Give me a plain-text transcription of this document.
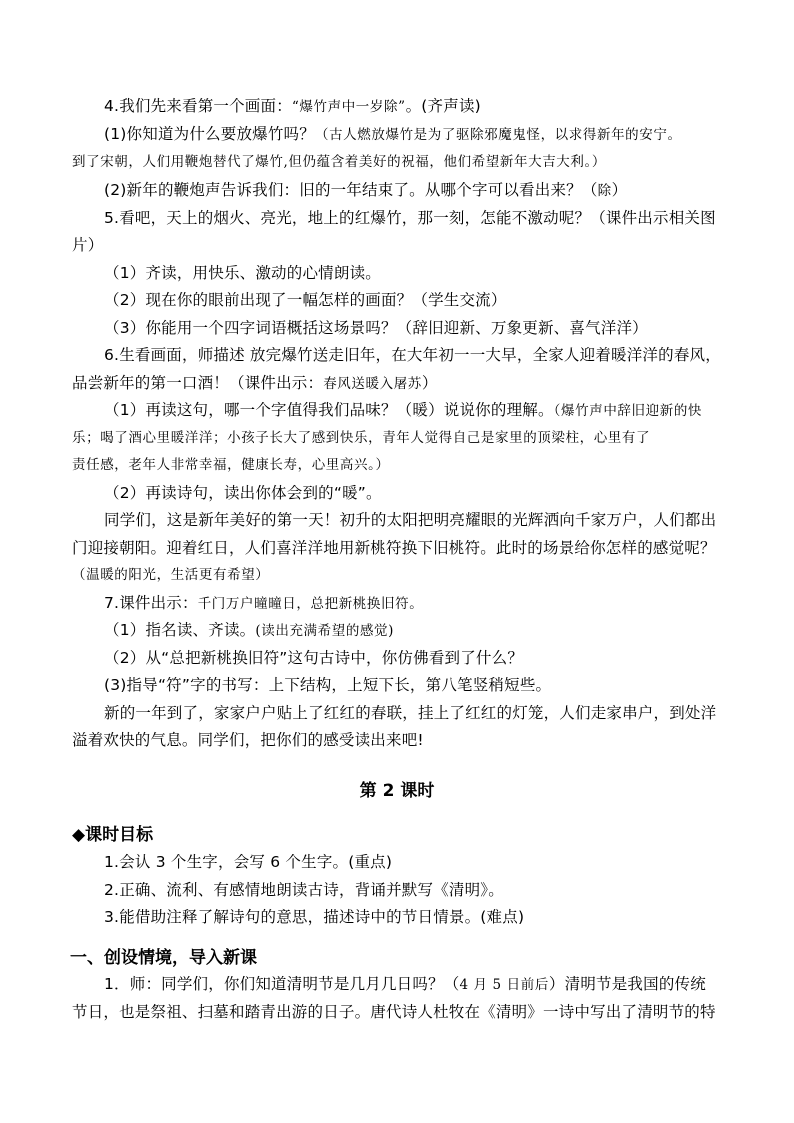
4.我们先来看第一个画面：“爆竹声中一岁除”。(齐声读)
(1)你知道为什么要放爆竹吗？（古人燃放爆竹是为了驱除邪魔鬼怪，以求得新年的安宁。
到了宋朝，人们用鞭炮替代了爆竹,但仍蕴含着美好的祝福，他们希望新年大吉大利。）
(2)新年的鞭炮声告诉我们：旧的一年结束了。从哪个字可以看出来？（除）
5.看吧，天上的烟火、亮光，地上的红爆竹，那一刻，怎能不激动呢？（课件出示相关图
片）
（1）齐读，用快乐、激动的心情朗读。
（2）现在你的眼前出现了一幅怎样的画面？（学生交流）
（3）你能用一个四字词语概括这场景吗？（辞旧迎新、万象更新、喜气洋洋）
6.生看画面，师描述 放完爆竹送走旧年，在大年初一一大早，全家人迎着暖洋洋的春风，
品尝新年的第一口酒！（课件出示：春风送暖入屠苏）
（1）再读这句，哪一个字值得我们品味？（暖）说说你的理解。（爆竹声中辞旧迎新的快
乐；喝了酒心里暖洋洋；小孩子长大了感到快乐，青年人觉得自己是家里的顶梁柱，心里有了
责任感，老年人非常幸福，健康长寿，心里高兴。）
（2）再读诗句，读出你体会到的“暖”。
同学们，这是新年美好的第一天！初升的太阳把明亮耀眼的光辉洒向千家万户，人们都出
门迎接朝阳。迎着红日，人们喜洋洋地用新桃符换下旧桃符。此时的场景给你怎样的感觉呢？
（温暖的阳光，生活更有希望）
7.课件出示：千门万户曈曈日，总把新桃换旧符。
（1）指名读、齐读。(读出充满希望的感觉)
（2）从“总把新桃换旧符”这句古诗中，你仿佛看到了什么？
(3)指导“符”字的书写：上下结构，上短下长，第八笔竖稍短些。
新的一年到了，家家户户贴上了红红的春联，挂上了红红的灯笼，人们走家串户，到处洋
溢着欢快的气息。同学们，把你们的感受读出来吧!
第 2 课时
◆课时目标
1.会认 3 个生字，会写 6 个生字。(重点)
2.正确、流利、有感情地朗读古诗，背诵并默写《清明》。
3.能借助注释了解诗句的意思，描述诗中的节日情景。(难点)
一、创设情境，导入新课
1．师：同学们，你们知道清明节是几月几日吗？（4 月 5 日前后）清明节是我国的传统
节日，也是祭祖、扫墓和踏青出游的日子。唐代诗人杜牧在《清明》一诗中写出了清明节的特
